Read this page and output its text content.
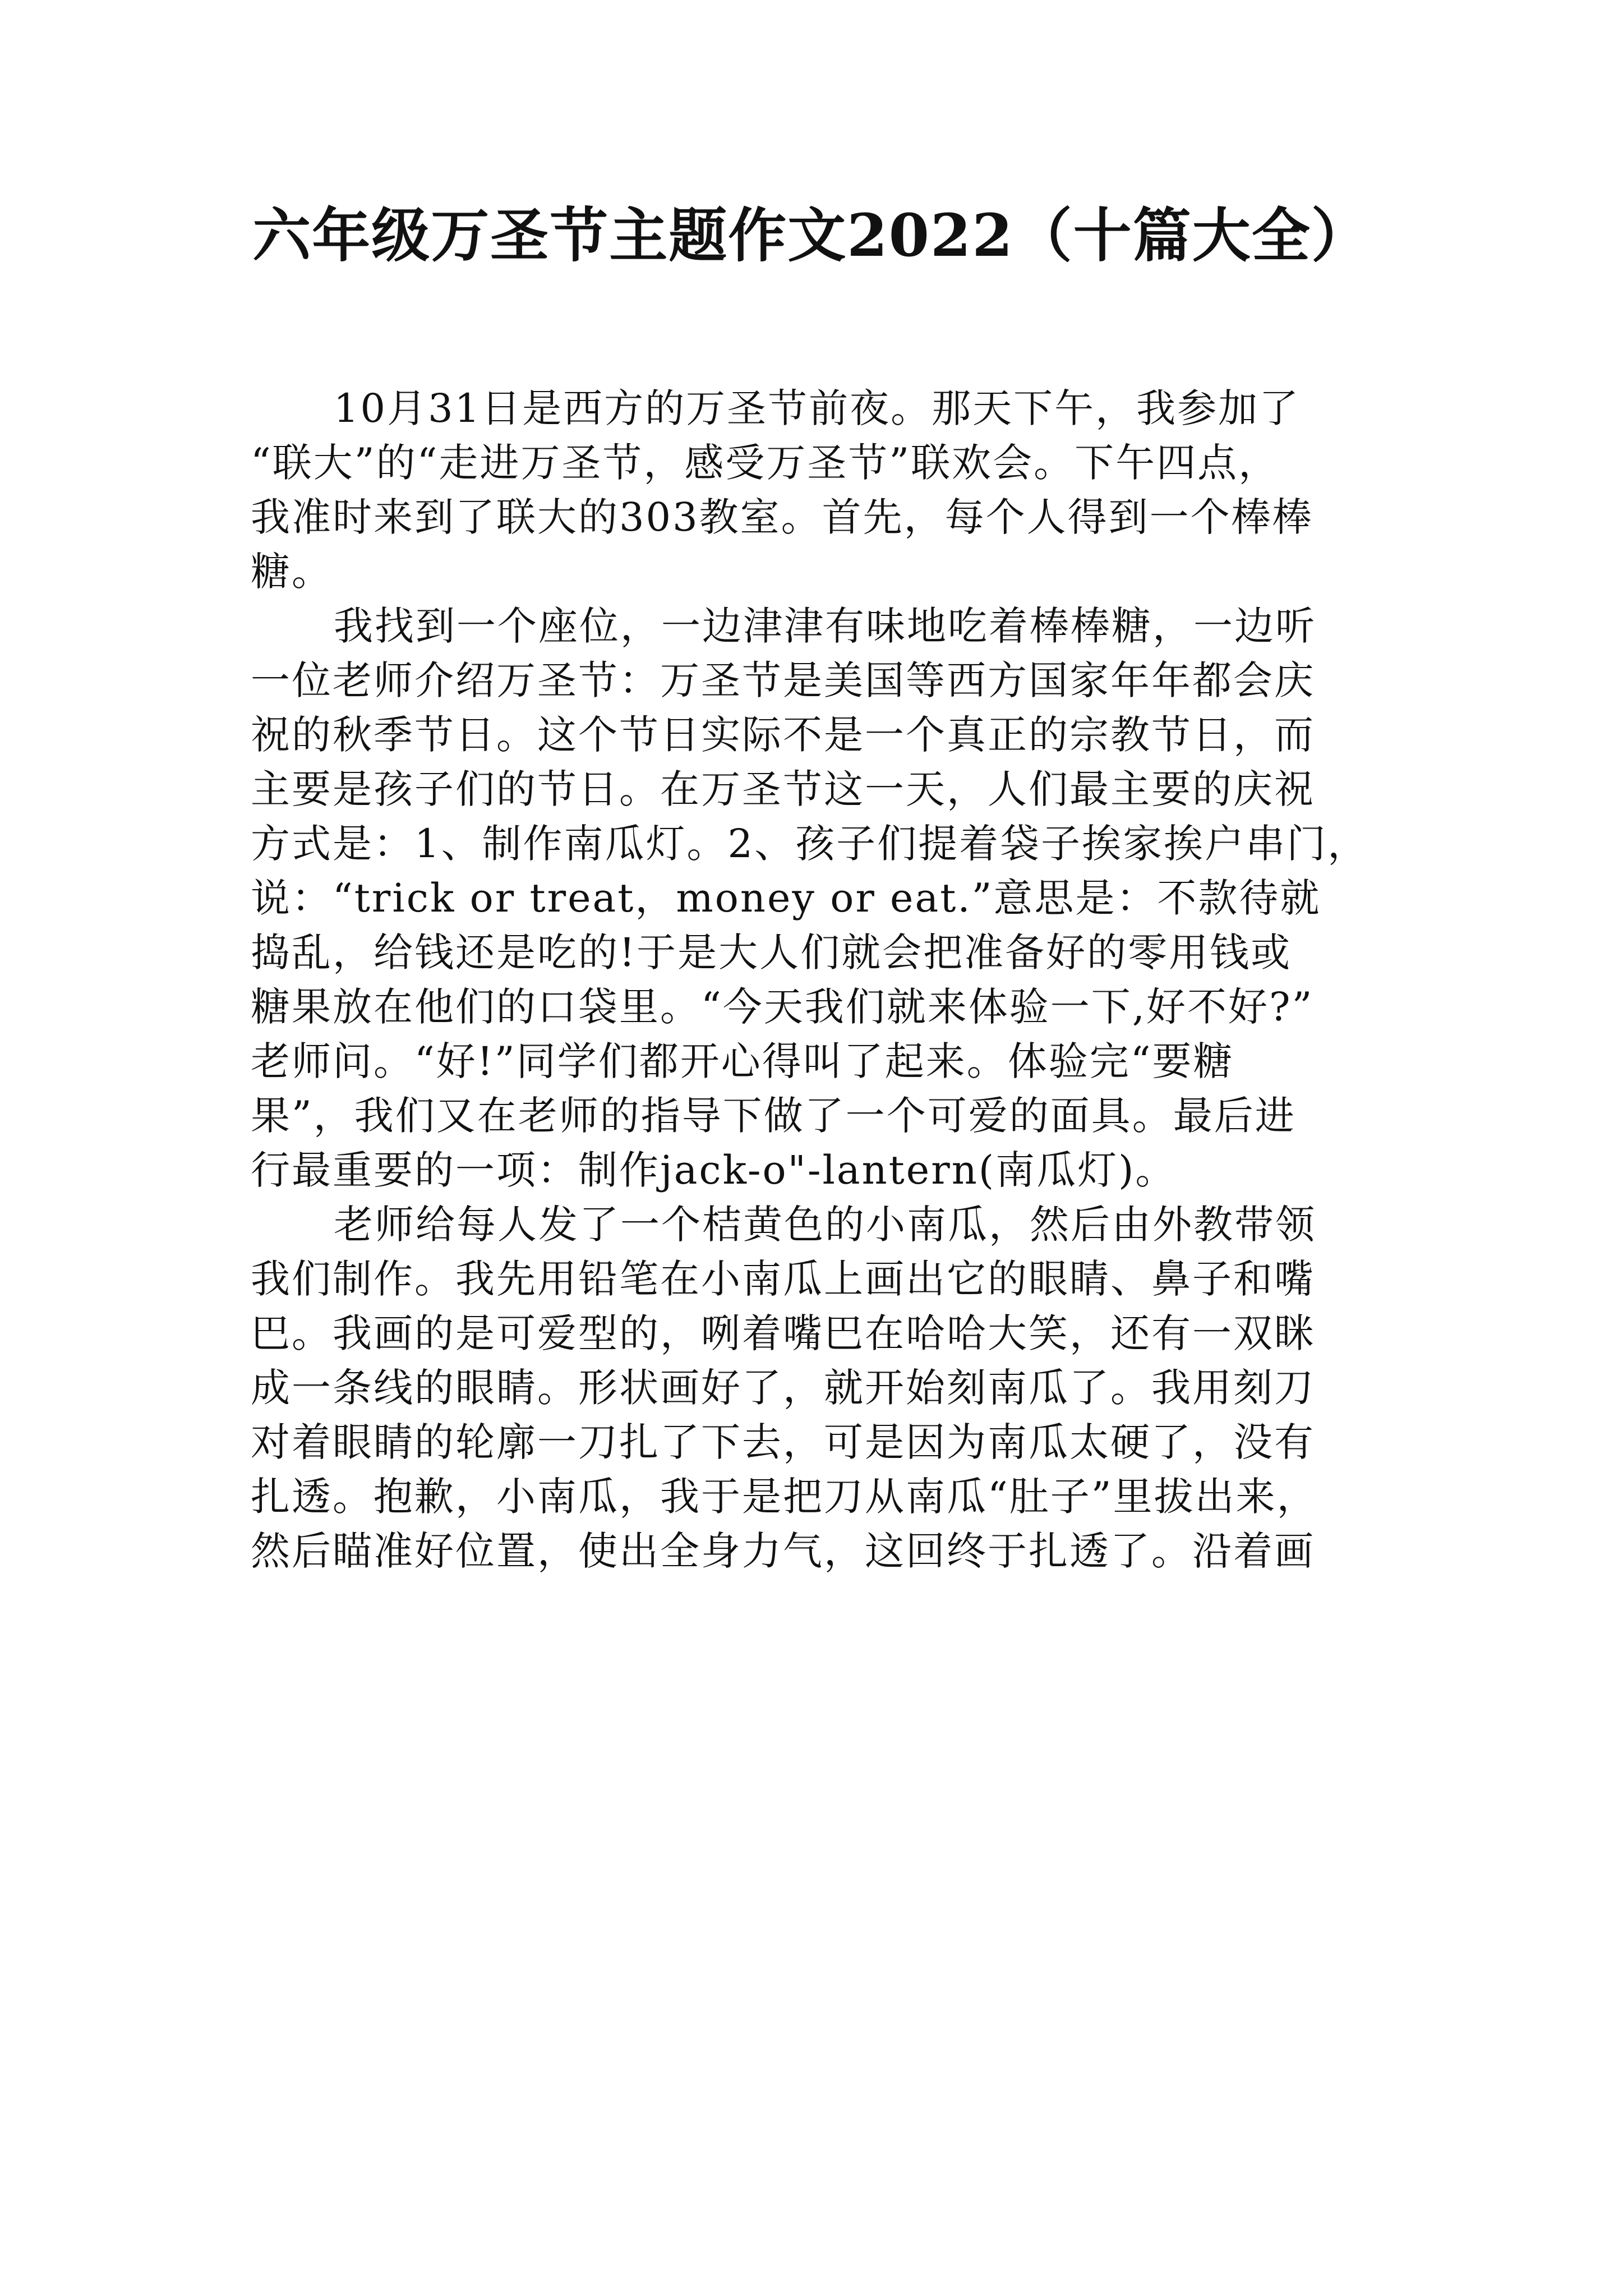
六年级万圣节主题作文2022（十篇大全）
10月31日是西方的万圣节前夜。那天下午，我参加了
“联大”的“走进万圣节，感受万圣节”联欢会。下午四点，
我准时来到了联大的303教室。首先，每个人得到一个棒棒
糖。
我找到一个座位，一边津津有味地吃着棒棒糖，一边听
一位老师介绍万圣节：万圣节是美国等西方国家年年都会庆
祝的秋季节日。这个节日实际不是一个真正的宗教节日，而
主要是孩子们的节日。在万圣节这一天，人们最主要的庆祝
方式是：1、制作南瓜灯。2、孩子们提着袋子挨家挨户串门，
说：“trick or treat，money or eat.”意思是：不款待就
捣乱，给钱还是吃的!于是大人们就会把准备好的零用钱或
糖果放在他们的口袋里。“今天我们就来体验一下,好不好?”
老师问。“好!”同学们都开心得叫了起来。体验完“要糖
果”，我们又在老师的指导下做了一个可爱的面具。最后进
行最重要的一项：制作jack-o"-lantern(南瓜灯)。
老师给每人发了一个桔黄色的小南瓜，然后由外教带领
我们制作。我先用铅笔在小南瓜上画出它的眼睛、鼻子和嘴
巴。我画的是可爱型的，咧着嘴巴在哈哈大笑，还有一双眯
成一条线的眼睛。形状画好了，就开始刻南瓜了。我用刻刀
对着眼睛的轮廓一刀扎了下去，可是因为南瓜太硬了，没有
扎透。抱歉，小南瓜，我于是把刀从南瓜“肚子”里拔出来，
然后瞄准好位置，使出全身力气，这回终于扎透了。沿着画
